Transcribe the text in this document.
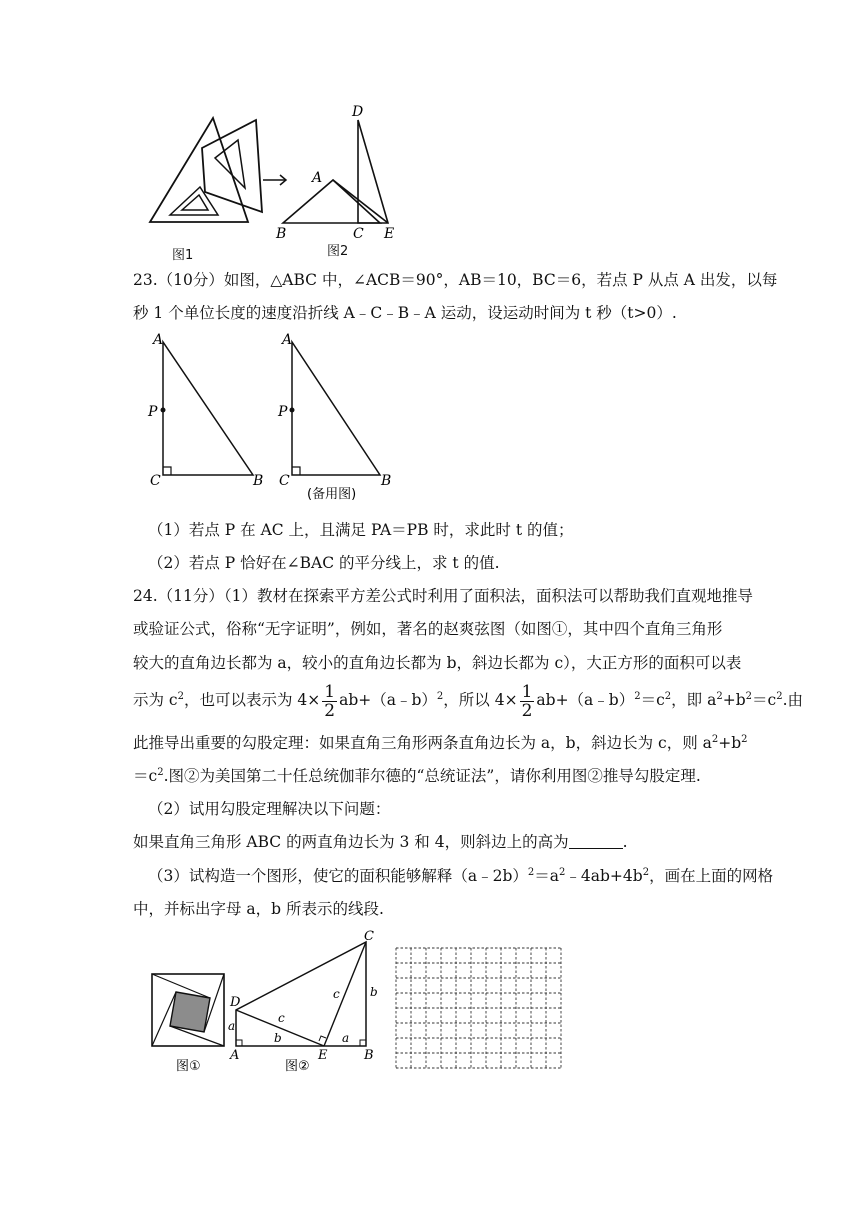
D
A
B	C E
图1	图2
23.（10分）如图，△ABC 中，∠ACB＝90°，AB＝10，BC＝6，若点 P 从点 A 出发，以每
秒 1 个单位长度的速度沿折线 A﹣C﹣B﹣A 运动，设运动时间为 t 秒（t>0）.
A
P
C	B
A
P
C	B
(备用图)
（1）若点 P 在 AC 上，且满足 PA＝PB 时，求此时 t 的值；
（2）若点 P 恰好在∠BAC 的平分线上，求 t 的值.
24.（11分）（1）教材在探索平方差公式时利用了面积法，面积法可以帮助我们直观地推导
或验证公式，俗称“无字证明”，例如，著名的赵爽弦图（如图①，其中四个直角三角形
较大的直角边长都为 a，较小的直角边长都为 b，斜边长都为 c），大正方形的面积可以表
示为 $c^2$，也可以表示为 $4\times \frac{1}{2}$ ab+（a﹣b）$^2$，所以 $4\times \frac{1}{2}$ $ab+(a﹣b)^2=c^2$，即 $a^2+b^2=c^2$.由
此推导出重要的勾股定理：如果直角三角形两条直角边长为 a，b，斜边长为 c，则 $a^2+b^2$
$=c^2$.图②为美国第二十任总统伽菲尔德的“总统证法”，请你利用图②推导勾股定理.
（2）试用勾股定理解决以下问题：
如果直角三角形 ABC 的两直角边长为 3 和 4，则斜边上的高为	.
（3）试构造一个图形，使它的面积能够解释$(a﹣2b)^2=a^2﹣4ab+4b^2$，画在上面的网格
中，并标出字母 a，b 所表示的线段.
图①
C
D
A	E	B
a
b	a
b
c
c
图②
